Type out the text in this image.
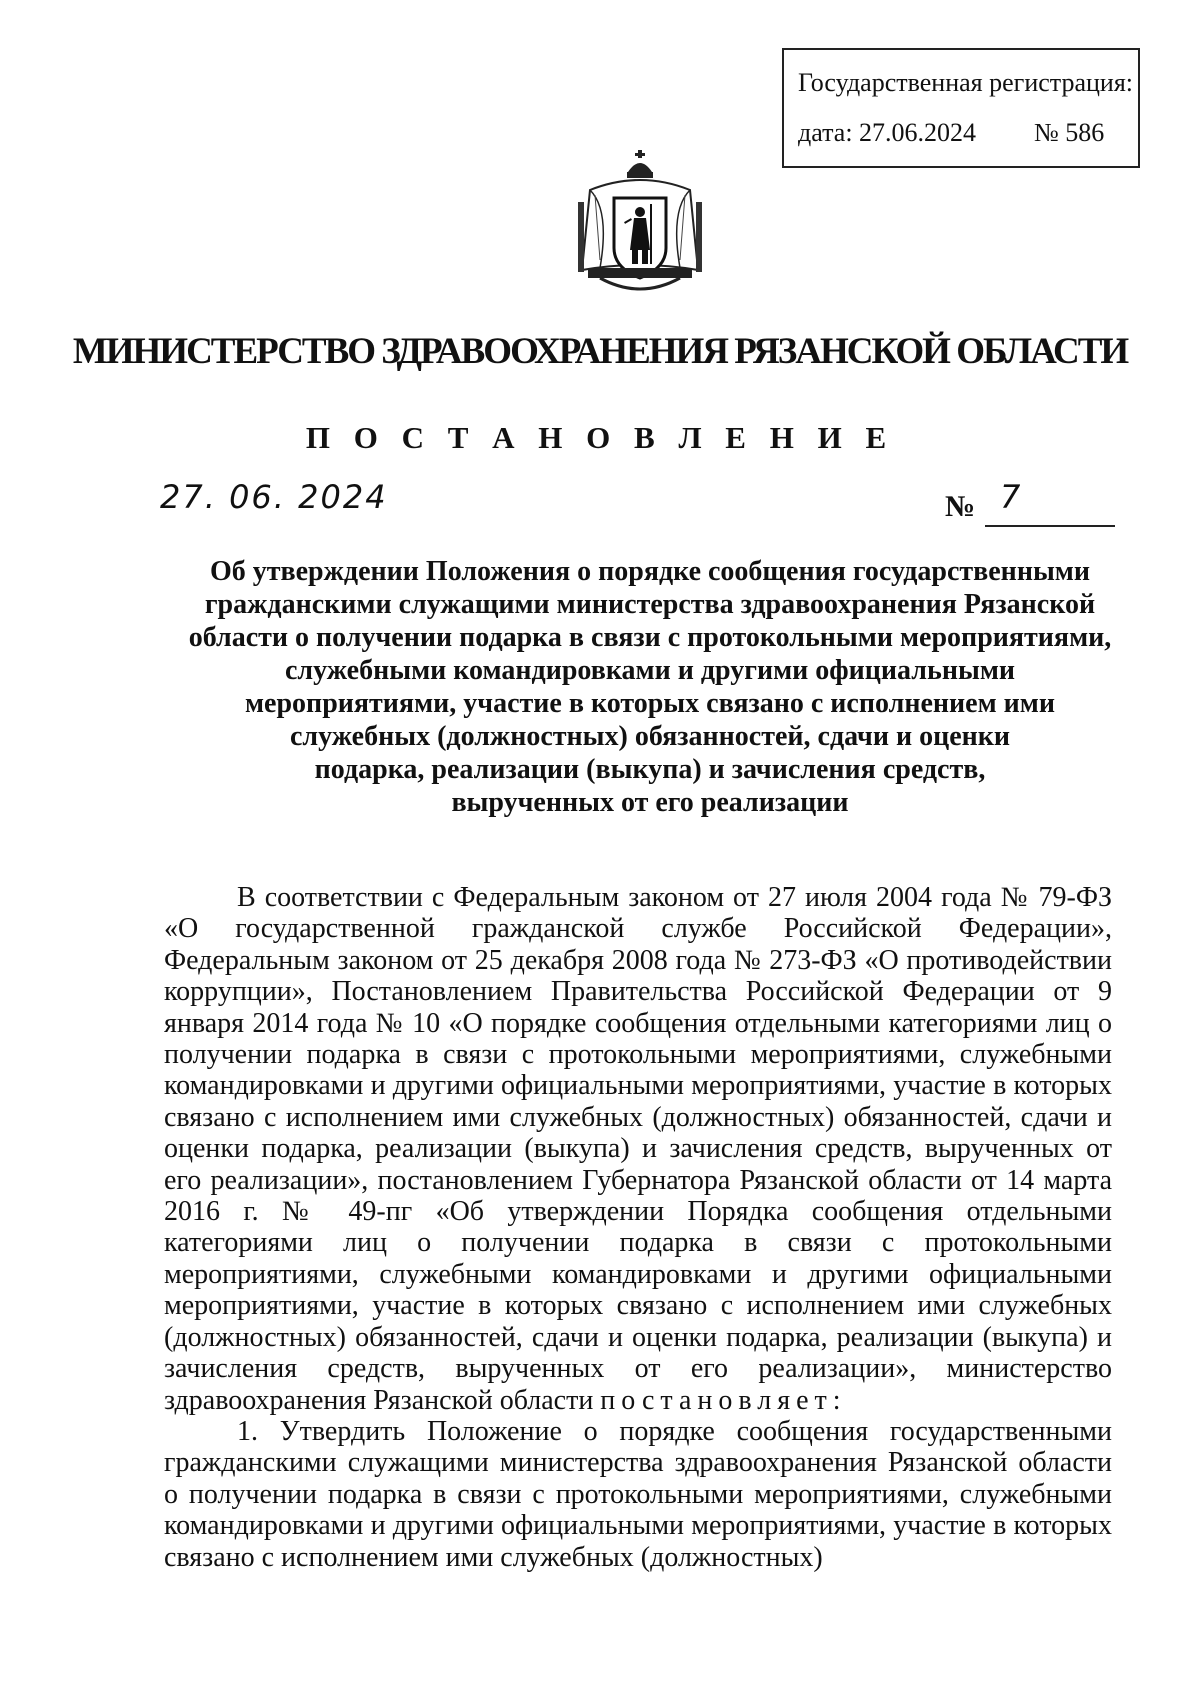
Государственная регистрация:
дата: 27.06.2024 № 586
МИНИСТЕРСТВО ЗДРАВООХРАНЕНИЯ РЯЗАНСКОЙ ОБЛАСТИ
П О С Т А Н О В Л Е Н И Е
27. 06. 2024	№ 7
Об утверждении Положения о порядке сообщения государственными
гражданскими служащими министерства здравоохранения Рязанской
области о получении подарка в связи с протокольными мероприятиями,
служебными командировками и другими официальными
мероприятиями, участие в которых связано с исполнением ими
служебных (должностных) обязанностей, сдачи и оценки
подарка, реализации (выкупа) и зачисления средств,
вырученных от его реализации

В соответствии с Федеральным законом от 27 июля 2004 года № 79-ФЗ «О государственной гражданской службе Российской Федерации», Федеральным законом от 25 декабря 2008 года № 273-ФЗ «О противодействии коррупции», Постановлением Правительства Российской Федерации от 9 января 2014 года № 10 «О порядке сообщения отдельными категориями лиц о получении подарка в связи с протокольными мероприятиями, служебными командировками и другими официальными мероприятиями, участие в которых связано с исполнением ими служебных (должностных) обязанностей, сдачи и оценки подарка, реализации (выкупа) и зачисления средств, вырученных от его реализации», постановлением Губернатора Рязанской области от 14 марта 2016 г. № 49-пг «Об утверждении Порядка сообщения отдельными категориями лиц о получении подарка в связи с протокольными мероприятиями, служебными командировками и другими официальными мероприятиями, участие в которых связано с исполнением ими служебных (должностных) обязанностей, сдачи и оценки подарка, реализации (выкупа) и зачисления средств, вырученных от его реализации», министерство здравоохранения Рязанской области постановляет:

1. Утвердить Положение о порядке сообщения государственными гражданскими служащими министерства здравоохранения Рязанской области о получении подарка в связи с протокольными мероприятиями, служебными командировками и другими официальными мероприятиями, участие в которых связано с исполнением ими служебных (должностных)
